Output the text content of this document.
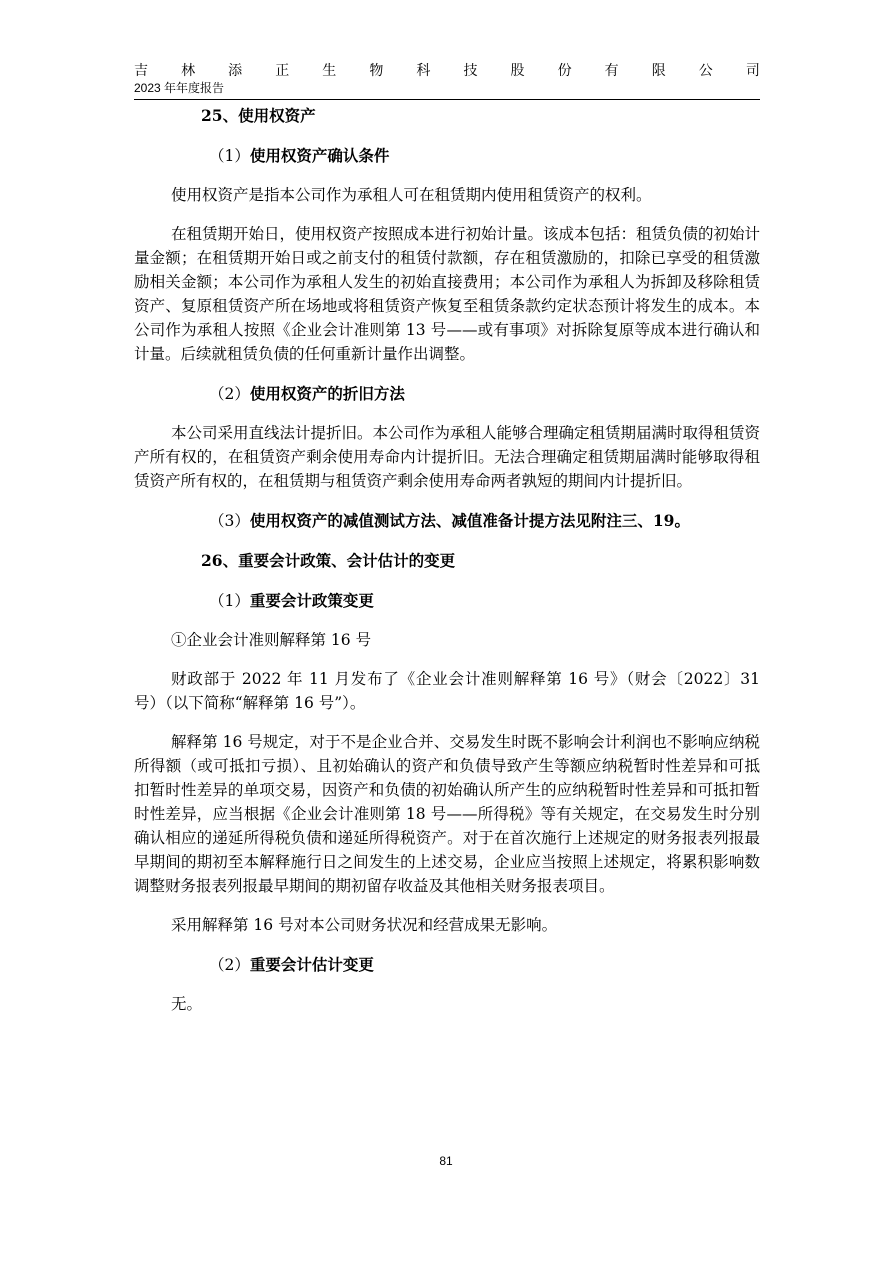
吉 林 添 正 生 物 科 技 股 份 有 限 公 司
2023 年年度报告

25、使用权资产

（1）使用权资产确认条件

使用权资产是指本公司作为承租人可在租赁期内使用租赁资产的权利。

在租赁期开始日，使用权资产按照成本进行初始计量。该成本包括：租赁负债的初始计量金额；在租赁期开始日或之前支付的租赁付款额，存在租赁激励的，扣除已享受的租赁激励相关金额；本公司作为承租人发生的初始直接费用；本公司作为承租人为拆卸及移除租赁资产、复原租赁资产所在场地或将租赁资产恢复至租赁条款约定状态预计将发生的成本。本公司作为承租人按照《企业会计准则第 13 号——或有事项》对拆除复原等成本进行确认和计量。后续就租赁负债的任何重新计量作出调整。

（2）使用权资产的折旧方法

本公司采用直线法计提折旧。本公司作为承租人能够合理确定租赁期届满时取得租赁资产所有权的，在租赁资产剩余使用寿命内计提折旧。无法合理确定租赁期届满时能够取得租赁资产所有权的，在租赁期与租赁资产剩余使用寿命两者孰短的期间内计提折旧。

（3）使用权资产的减值测试方法、减值准备计提方法见附注三、19。

26、重要会计政策、会计估计的变更

（1）重要会计政策变更

①企业会计准则解释第 16 号

财政部于 2022 年 11 月发布了《企业会计准则解释第 16 号》（财会〔2022〕31 号）（以下简称“解释第 16 号”）。

解释第 16 号规定，对于不是企业合并、交易发生时既不影响会计利润也不影响应纳税所得额（或可抵扣亏损）、且初始确认的资产和负债导致产生等额应纳税暂时性差异和可抵扣暂时性差异的单项交易，因资产和负债的初始确认所产生的应纳税暂时性差异和可抵扣暂时性差异，应当根据《企业会计准则第 18 号——所得税》等有关规定，在交易发生时分别确认相应的递延所得税负债和递延所得税资产。对于在首次施行上述规定的财务报表列报最早期间的期初至本解释施行日之间发生的上述交易，企业应当按照上述规定，将累积影响数调整财务报表列报最早期间的期初留存收益及其他相关财务报表项目。

采用解释第 16 号对本公司财务状况和经营成果无影响。

（2）重要会计估计变更

无。

81
